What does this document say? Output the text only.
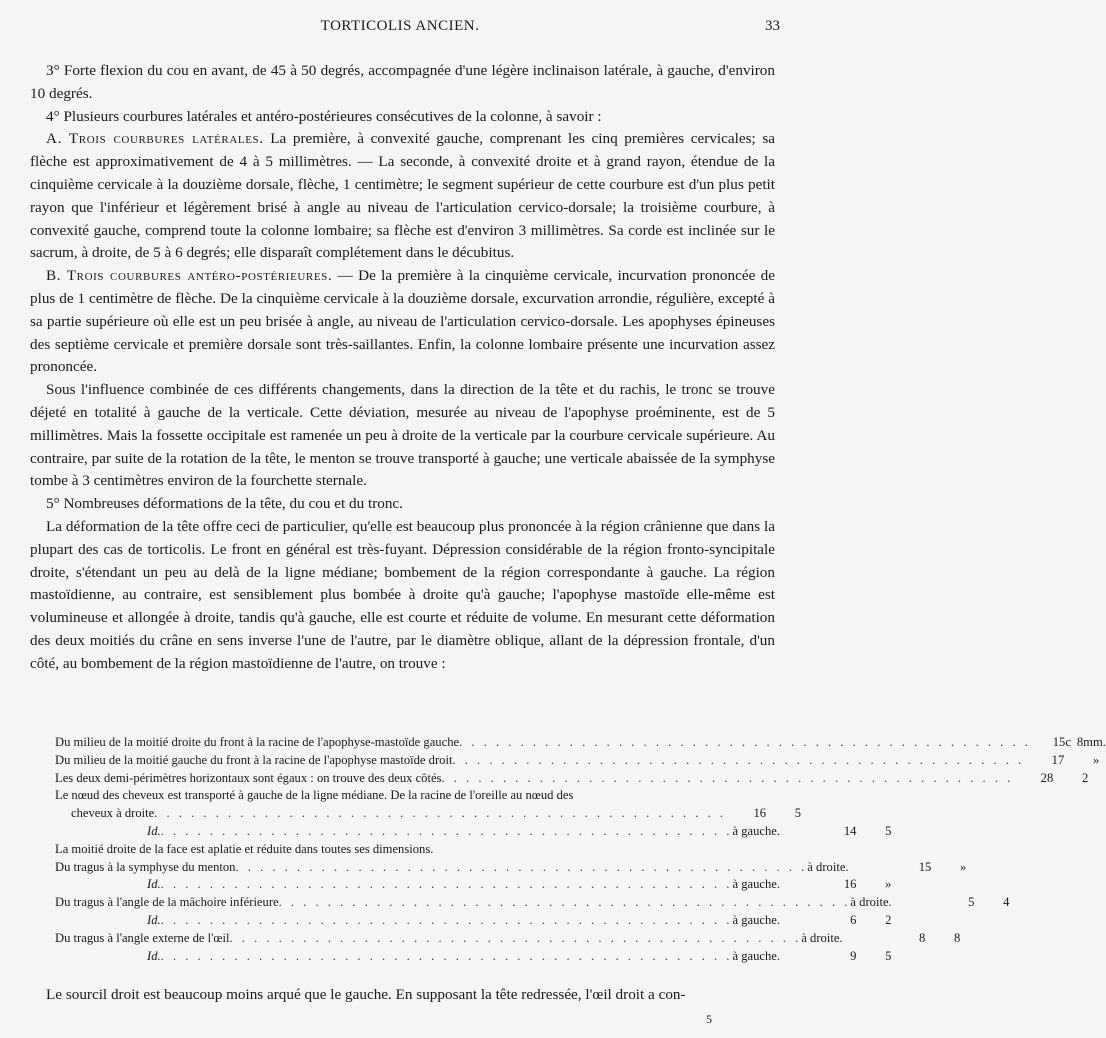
TORTICOLIS ANCIEN.	33

3° Forte flexion du cou en avant, de 45 à 50 degrés, accompagnée d'une légère inclinaison latérale, à gauche, d'environ 10 degrés.

4° Plusieurs courbures latérales et antéro-postérieures consécutives de la colonne, à savoir :

A. Trois courbures latérales. La première, à convexité gauche, comprenant les cinq premières cervicales; sa flèche est approximativement de 4 à 5 millimètres. — La seconde, à convexité droite et à grand rayon, étendue de la cinquième cervicale à la douzième dorsale, flèche, 1 centimètre; le segment supérieur de cette courbure est d'un plus petit rayon que l'inférieur et légèrement brisé à angle au niveau de l'articulation cervico-dorsale; la troisième courbure, à convexité gauche, comprend toute la colonne lombaire; sa flèche est d'environ 3 millimètres. Sa corde est inclinée sur le sacrum, à droite, de 5 à 6 degrés; elle disparaît complétement dans le décubitus.

B. Trois courbures antéro-postérieures. — De la première à la cinquième cervicale, incurvation prononcée de plus de 1 centimètre de flèche. De la cinquième cervicale à la douzième dorsale, excurvation arrondie, régulière, excepté à sa partie supérieure où elle est un peu brisée à angle, au niveau de l'articulation cervico-dorsale. Les apophyses épineuses des septième cervicale et première dorsale sont très-saillantes. Enfin, la colonne lombaire présente une incurvation assez prononcée.

Sous l'influence combinée de ces différents changements, dans la direction de la tête et du rachis, le tronc se trouve déjeté en totalité à gauche de la verticale. Cette déviation, mesurée au niveau de l'apophyse proéminente, est de 5 millimètres. Mais la fossette occipitale est ramenée un peu à droite de la verticale par la courbure cervicale supérieure. Au contraire, par suite de la rotation de la tête, le menton se trouve transporté à gauche; une verticale abaissée de la symphyse tombe à 3 centimètres environ de la fourchette sternale.

5° Nombreuses déformations de la tête, du cou et du tronc.

La déformation de la tête offre ceci de particulier, qu'elle est beaucoup plus prononcée à la région crânienne que dans la plupart des cas de torticolis. Le front en général est très-fuyant. Dépression considérable de la région fronto-syncipitale droite, s'étendant un peu au delà de la ligne médiane; bombement de la région correspondante à gauche. La région mastoïdienne, au contraire, est sensiblement plus bombée à droite qu'à gauche; l'apophyse mastoïde elle-même est volumineuse et allongée à droite, tandis qu'à gauche, elle est courte et réduite de volume. En mesurant cette déformation des deux moitiés du crâne en sens inverse l'une de l'autre, par le diamètre oblique, allant de la dépression frontale, d'un côté, au bombement de la région mastoïdienne de l'autre, on trouve :

Du milieu de la moitié droite du front à la racine de l'apophyse-mastoïde gauche . . . . . . . . . . . . . . . . . . . . . . . . . . . . . . . . . . . . . . . . . . . . . . .	15c 8mm.
Du milieu de la moitié gauche du front à la racine de l'apophyse mastoïde droit . . . . . . . . . . . . . . . . . . . . . . . . . . . . . . . . . . . . . . . . . . . . . . .	17	»
Les deux demi-périmètres horizontaux sont égaux : on trouve des deux côtés . . . . . . . . . . . . . . . . . . . . . . . . . . . . . . . . . . . . . . . . . . . . . . .	28	2
Le nœud des cheveux est transporté à gauche de la ligne médiane. De la racine de l'oreille au nœud des
cheveux à droite . . . . . . . . . . . . . . . . . . . . . . . . . . . . . . . . . . . . . . . . . . . . . . .	16	5
Id. . . . . . . . . . . . . . . . . . . . . . . . . . . . . . . . . . . . . . . . . . . . . . . . à gauche.	14	5
La moitié droite de la face est aplatie et réduite dans toutes ses dimensions.
Du tragus à la symphyse du menton . . . . . . . . . . . . . . . . . . . . . . . . . . . . . . . . . . . . . . . . . . . . . . . à droite.	15	»
Id. . . . . . . . . . . . . . . . . . . . . . . . . . . . . . . . . . . . . . . . . . . . . . . . à gauche.	16	»
Du tragus à l'angle de la mâchoire inférieure . . . . . . . . . . . . . . . . . . . . . . . . . . . . . . . . . . . . . . . . . . . . . . . à droite.	5	4
Id. . . . . . . . . . . . . . . . . . . . . . . . . . . . . . . . . . . . . . . . . . . . . . . . à gauche.	6	2
Du tragus à l'angle externe de l'œil . . . . . . . . . . . . . . . . . . . . . . . . . . . . . . . . . . . . . . . . . . . . . . . à droite.	8	8
Id. . . . . . . . . . . . . . . . . . . . . . . . . . . . . . . . . . . . . . . . . . . . . . . . à gauche.	9	5
Le sourcil droit est beaucoup moins arqué que le gauche. En supposant la tête redressée, l'œil droit a con-
5
